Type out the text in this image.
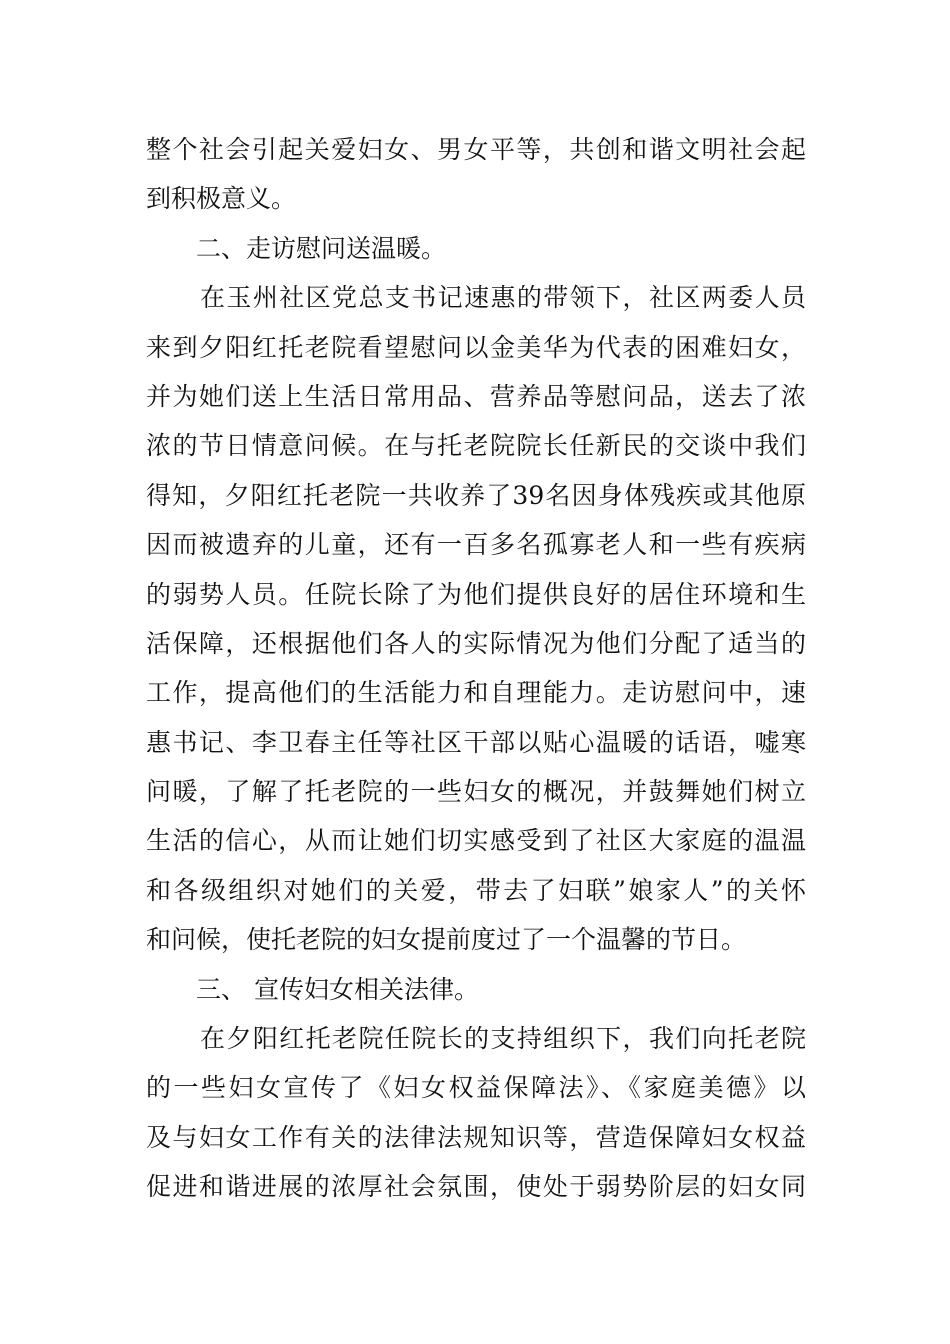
整个社会引起关爱妇女、男女平等，共创和谐文明社会起
到积极意义。
二、走访慰问送温暖。
在玉州社区党总支书记速惠的带领下，社区两委人员
来到夕阳红托老院看望慰问以金美华为代表的困难妇女，
并为她们送上生活日常用品、营养品等慰问品，送去了浓
浓的节日情意问候。在与托老院院长任新民的交谈中我们
得知，夕阳红托老院一共收养了39名因身体残疾或其他原
因而被遗弃的儿童，还有一百多名孤寡老人和一些有疾病
的弱势人员。任院长除了为他们提供良好的居住环境和生
活保障，还根据他们各人的实际情况为他们分配了适当的
工作，提高他们的生活能力和自理能力。走访慰问中，速
惠书记、李卫春主任等社区干部以贴心温暖的话语，嘘寒
问暖，了解了托老院的一些妇女的概况，并鼓舞她们树立
生活的信心，从而让她们切实感受到了社区大家庭的温温
和各级组织对她们的关爱，带去了妇联”娘家人”的关怀
和问候，使托老院的妇女提前度过了一个温馨的节日。
三、 宣传妇女相关法律。
在夕阳红托老院任院长的支持组织下，我们向托老院
的一些妇女宣传了《妇女权益保障法》、《家庭美德》以
及与妇女工作有关的法律法规知识等，营造保障妇女权益
促进和谐进展的浓厚社会氛围，使处于弱势阶层的妇女同
